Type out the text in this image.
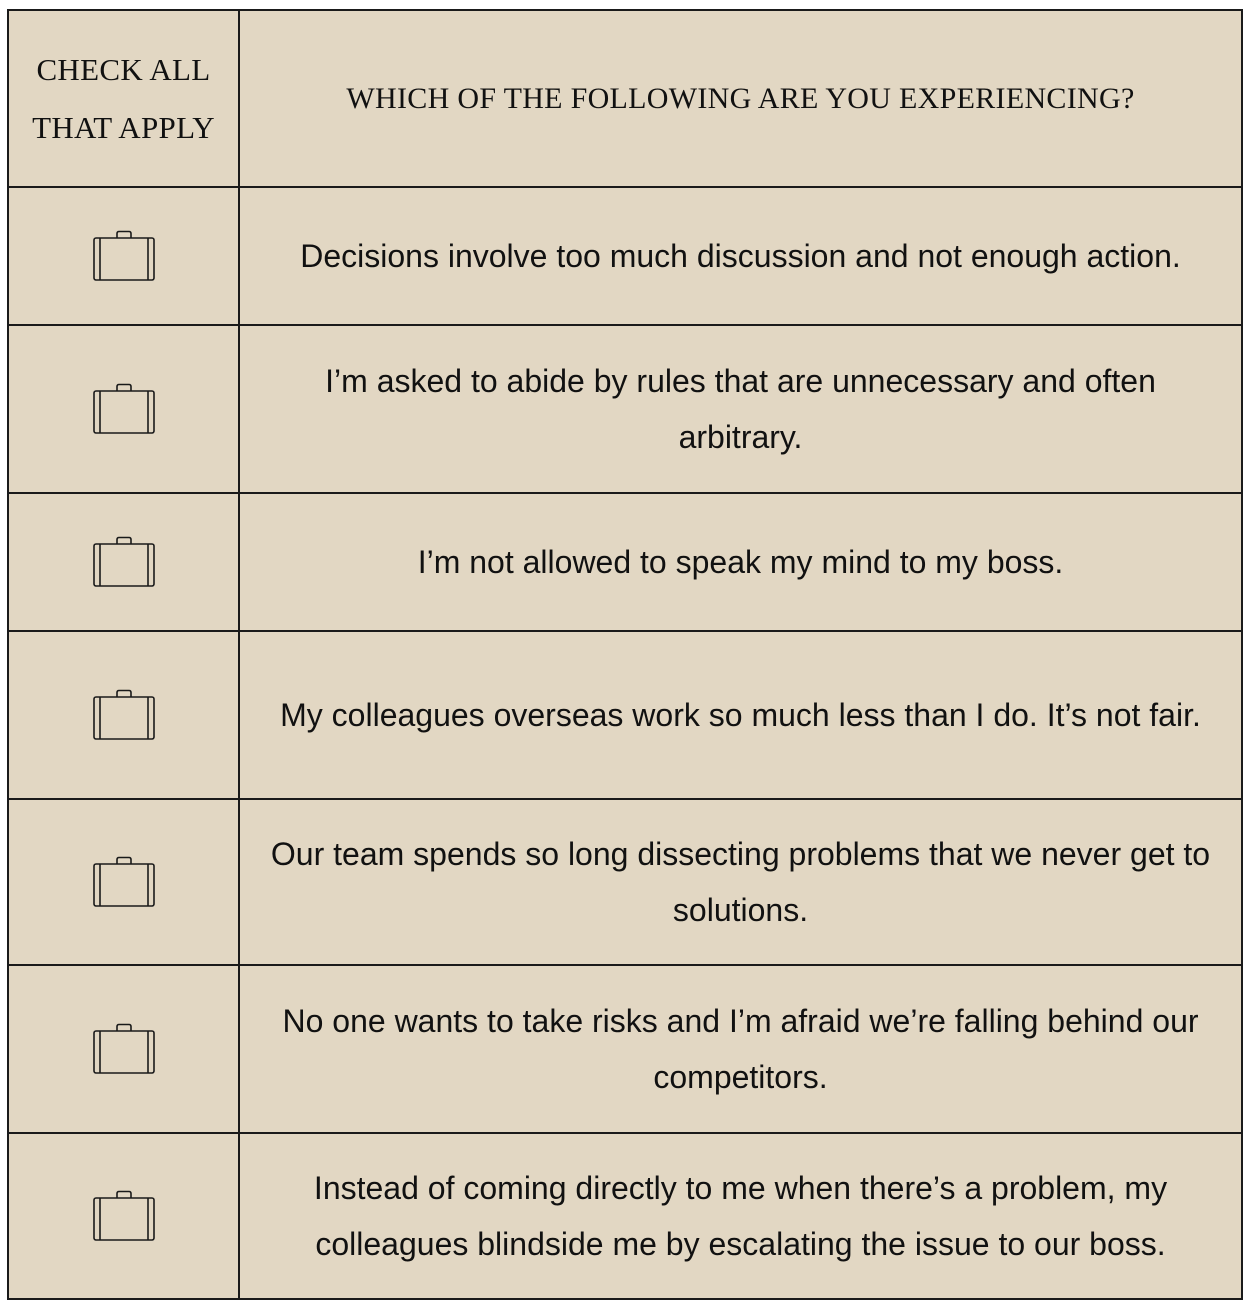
CHECK ALL
THAT APPLY	WHICH OF THE FOLLOWING ARE YOU EXPERIENCING?

	Decisions involve too much discussion and not enough action.

	I’m asked to abide by rules that are unnecessary and often arbitrary.

	I’m not allowed to speak my mind to my boss.

	My colleagues overseas work so much less than I do. It’s not fair.

	Our team spends so long dissecting problems that we never get to solutions.

	No one wants to take risks and I’m afraid we’re falling behind our competitors.

	Instead of coming directly to me when there’s a problem, my colleagues blindside me by escalating the issue to our boss.
